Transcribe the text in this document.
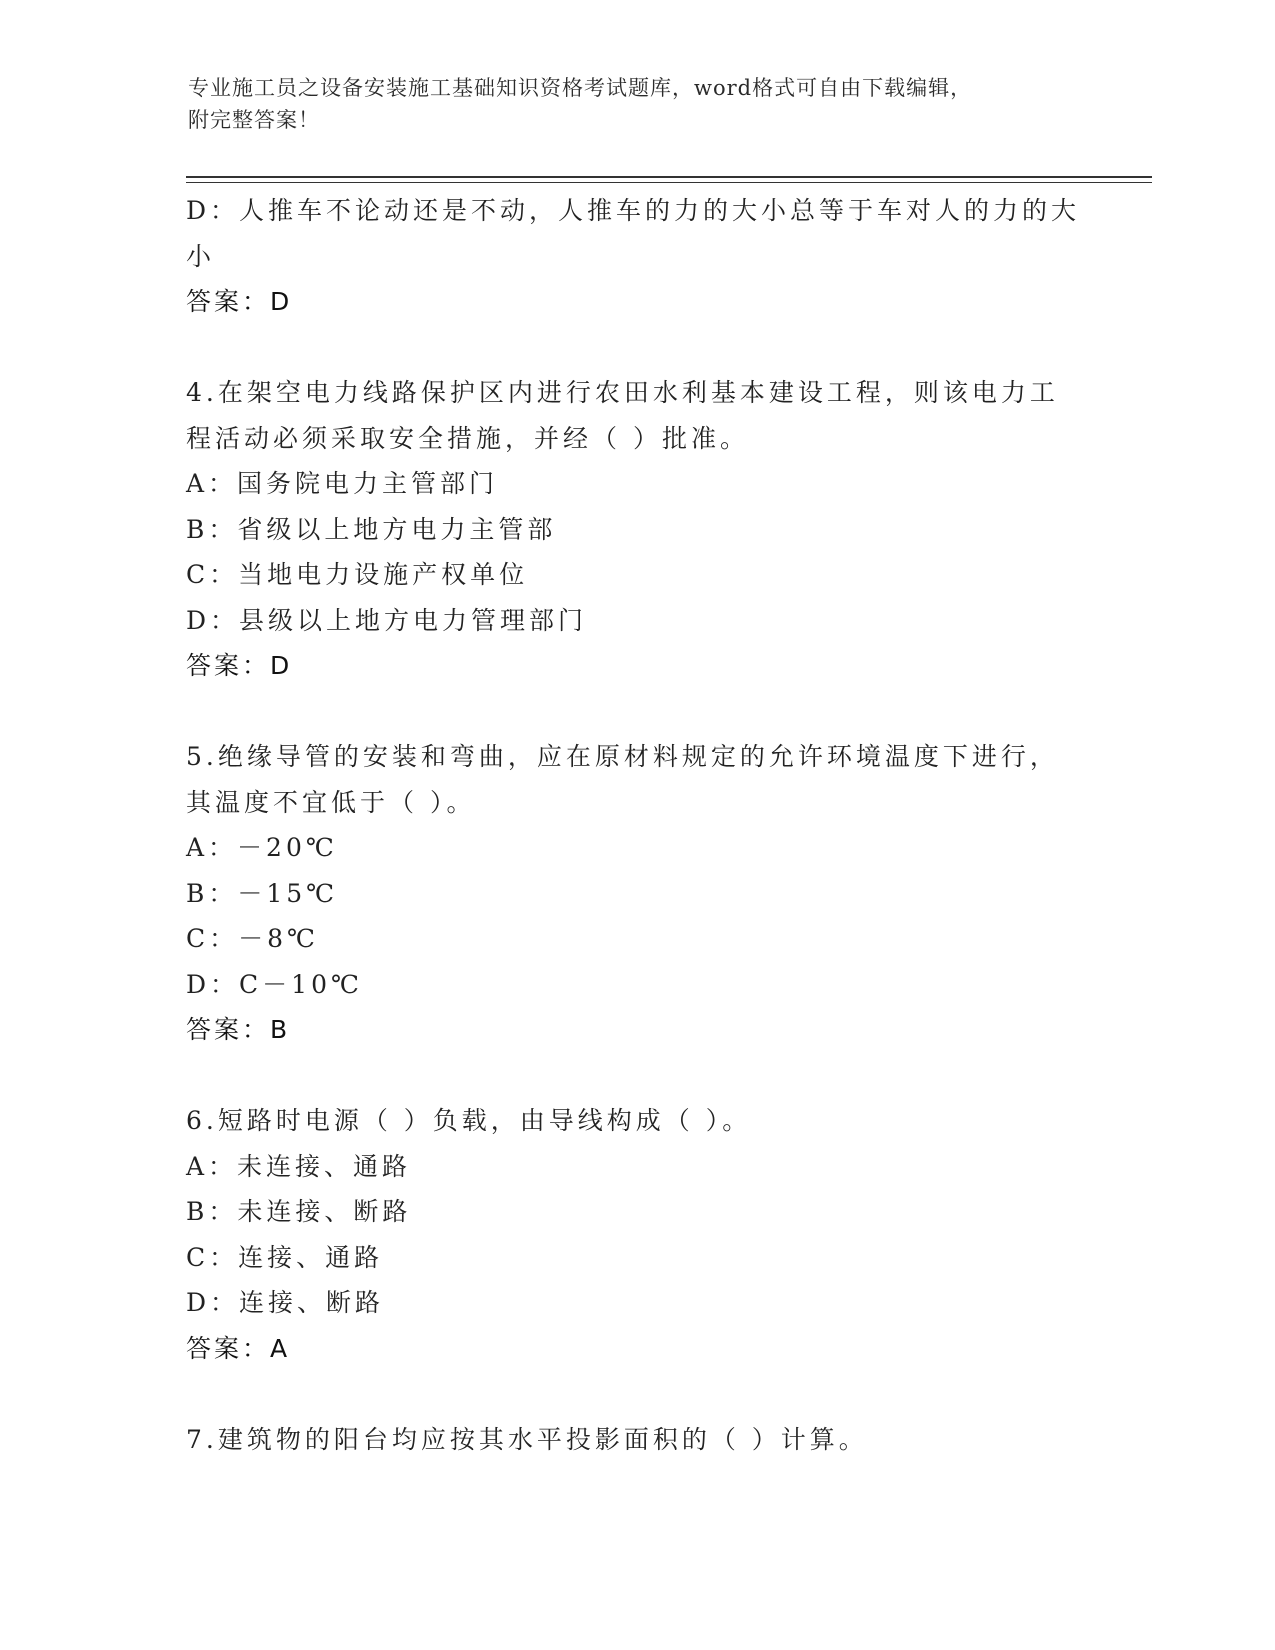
专业施工员之设备安装施工基础知识资格考试题库，word格式可自由下载编辑，
附完整答案！
D：人推车不论动还是不动，人推车的力的大小总等于车对人的力的大
小
答案：D
4.在架空电力线路保护区内进行农田水利基本建设工程，则该电力工
程活动必须采取安全措施，并经（ ）批准。
A：国务院电力主管部门
B：省级以上地方电力主管部
C：当地电力设施产权单位
D：县级以上地方电力管理部门
答案：D
5.绝缘导管的安装和弯曲，应在原材料规定的允许环境温度下进行，
其温度不宜低于（ ）。
A：－20℃
B：－15℃
C：－8℃
D：C－10℃
答案：B
6.短路时电源（ ）负载，由导线构成（ ）。
A：未连接、通路
B：未连接、断路
C：连接、通路
D：连接、断路
答案：A
7.建筑物的阳台均应按其水平投影面积的（ ）计算。
